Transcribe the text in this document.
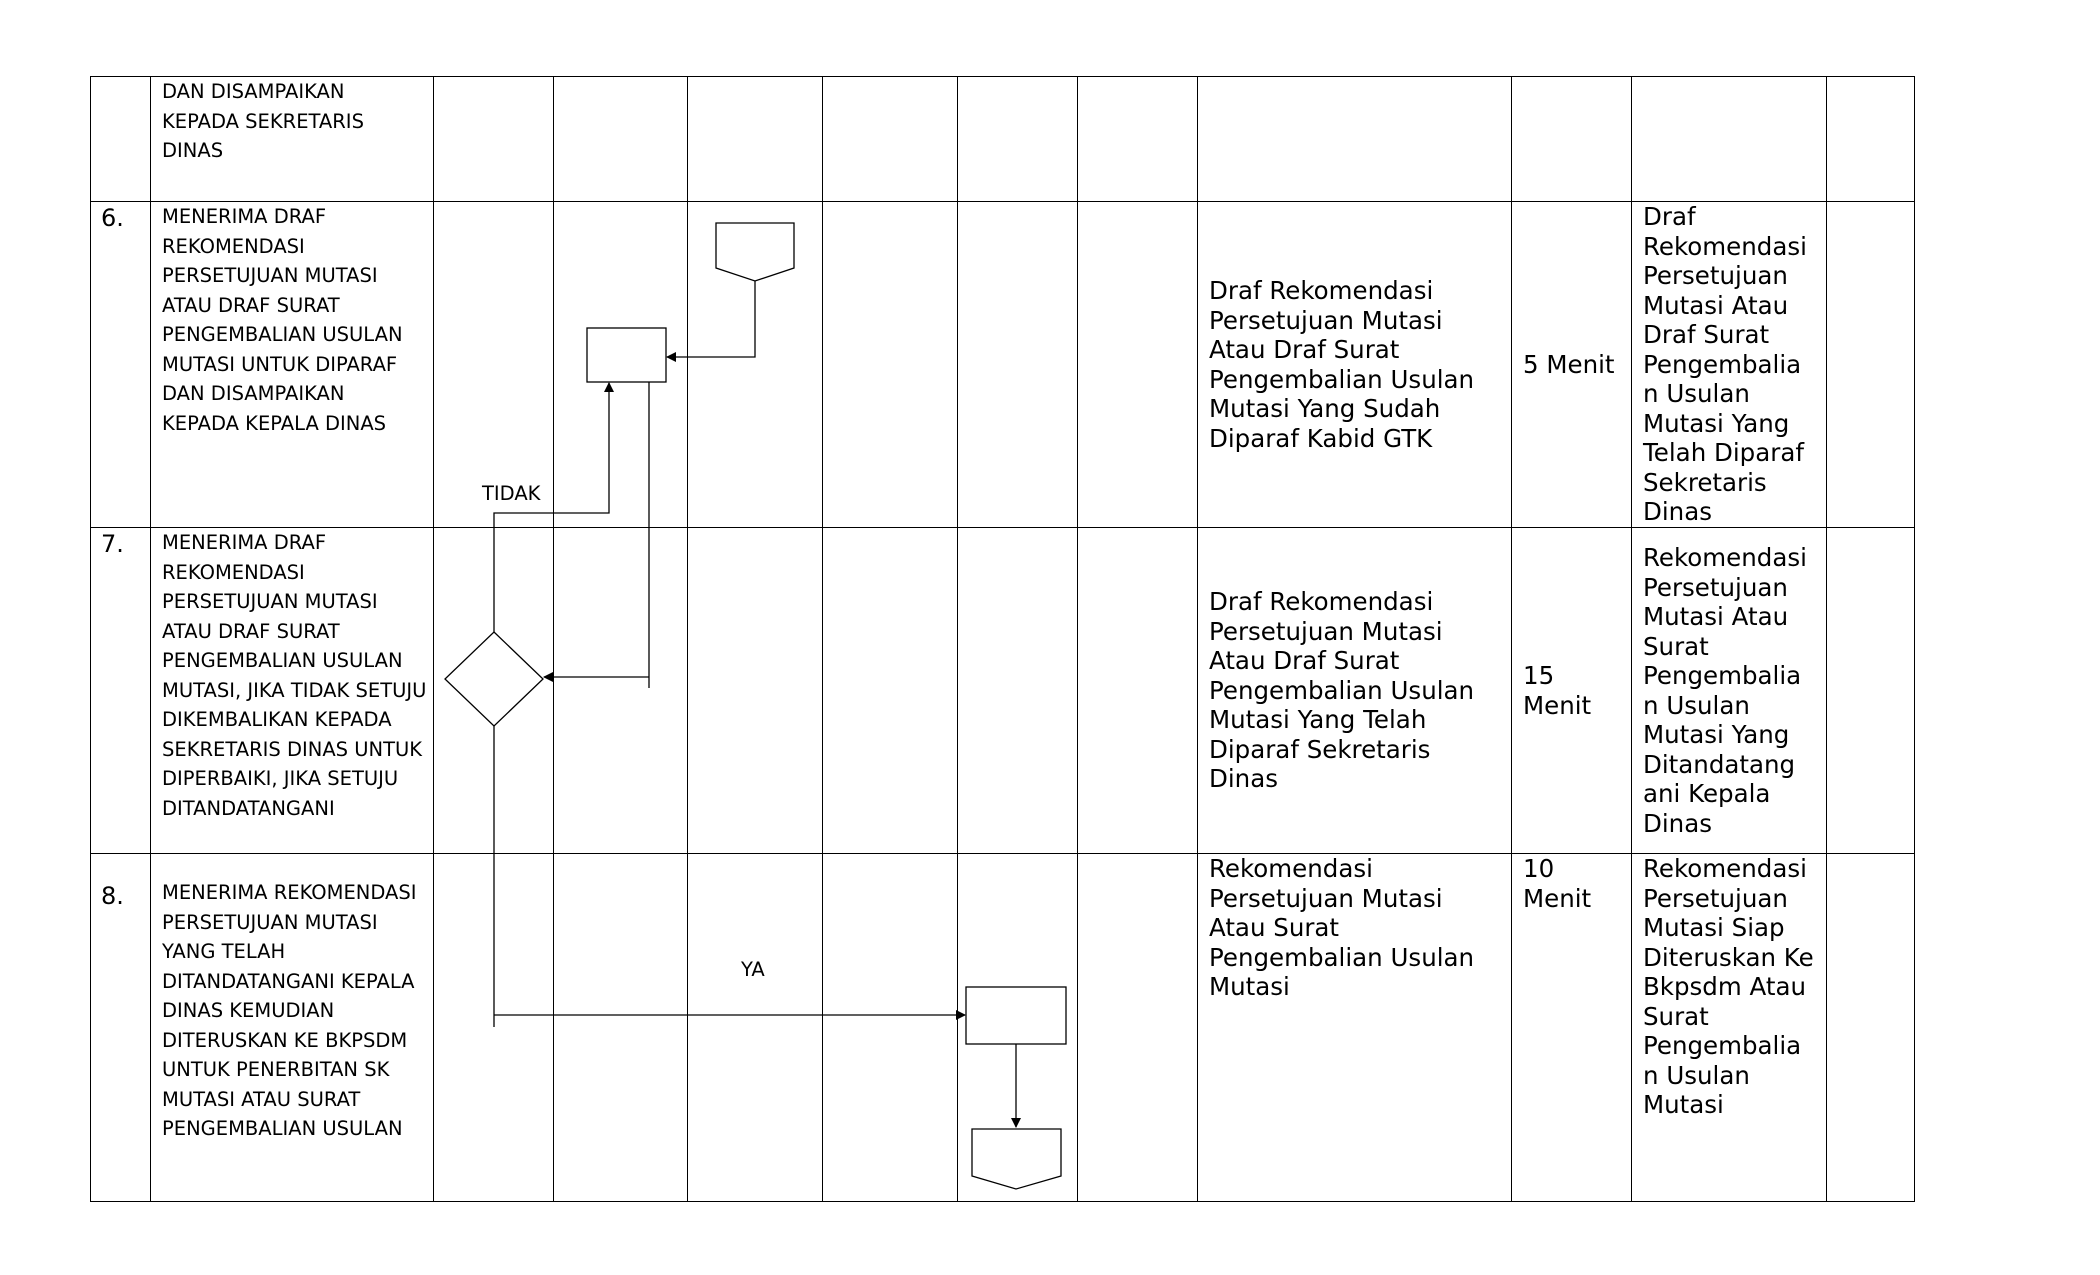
	DAN DISAMPAIKAN KEPADA SEKRETARIS DINAS										
6.	MENERIMA DRAF REKOMENDASI PERSETUJUAN MUTASI ATAU DRAF SURAT PENGEMBALIAN USULAN MUTASI UNTUK DIPARAF DAN DISAMPAIKAN KEPADA KEPALA DINAS							Draf Rekomendasi Persetujuan Mutasi Atau Draf Surat Pengembalian Usulan Mutasi Yang Sudah Diparaf Kabid GTK	5 Menit	Draf Rekomendasi Persetujuan Mutasi Atau Draf Surat Pengembalia n Usulan Mutasi Yang Telah Diparaf Sekretaris Dinas	
7.	MENERIMA DRAF REKOMENDASI PERSETUJUAN MUTASI ATAU DRAF SURAT PENGEMBALIAN USULAN MUTASI, JIKA TIDAK SETUJU DIKEMBALIKAN KEPADA SEKRETARIS DINAS UNTUK DIPERBAIKI, JIKA SETUJU DITANDATANGANI							Draf Rekomendasi Persetujuan Mutasi Atau Draf Surat Pengembalian Usulan Mutasi Yang Telah Diparaf Sekretaris Dinas	15 Menit	Rekomendasi Persetujuan Mutasi Atau Surat Pengembalia n Usulan Mutasi Yang Ditandatang ani Kepala Dinas	
8.	MENERIMA REKOMENDASI PERSETUJUAN MUTASI YANG TELAH DITANDATANGANI KEPALA DINAS KEMUDIAN DITERUSKAN KE BKPSDM UNTUK PENERBITAN SK MUTASI ATAU SURAT PENGEMBALIAN USULAN							Rekomendasi Persetujuan Mutasi Atau Surat Pengembalian Usulan Mutasi	10 Menit	Rekomendasi Persetujuan Mutasi Siap Diteruskan Ke Bkpsdm Atau Surat Pengembalia n Usulan Mutasi	
TIDAK
YA
